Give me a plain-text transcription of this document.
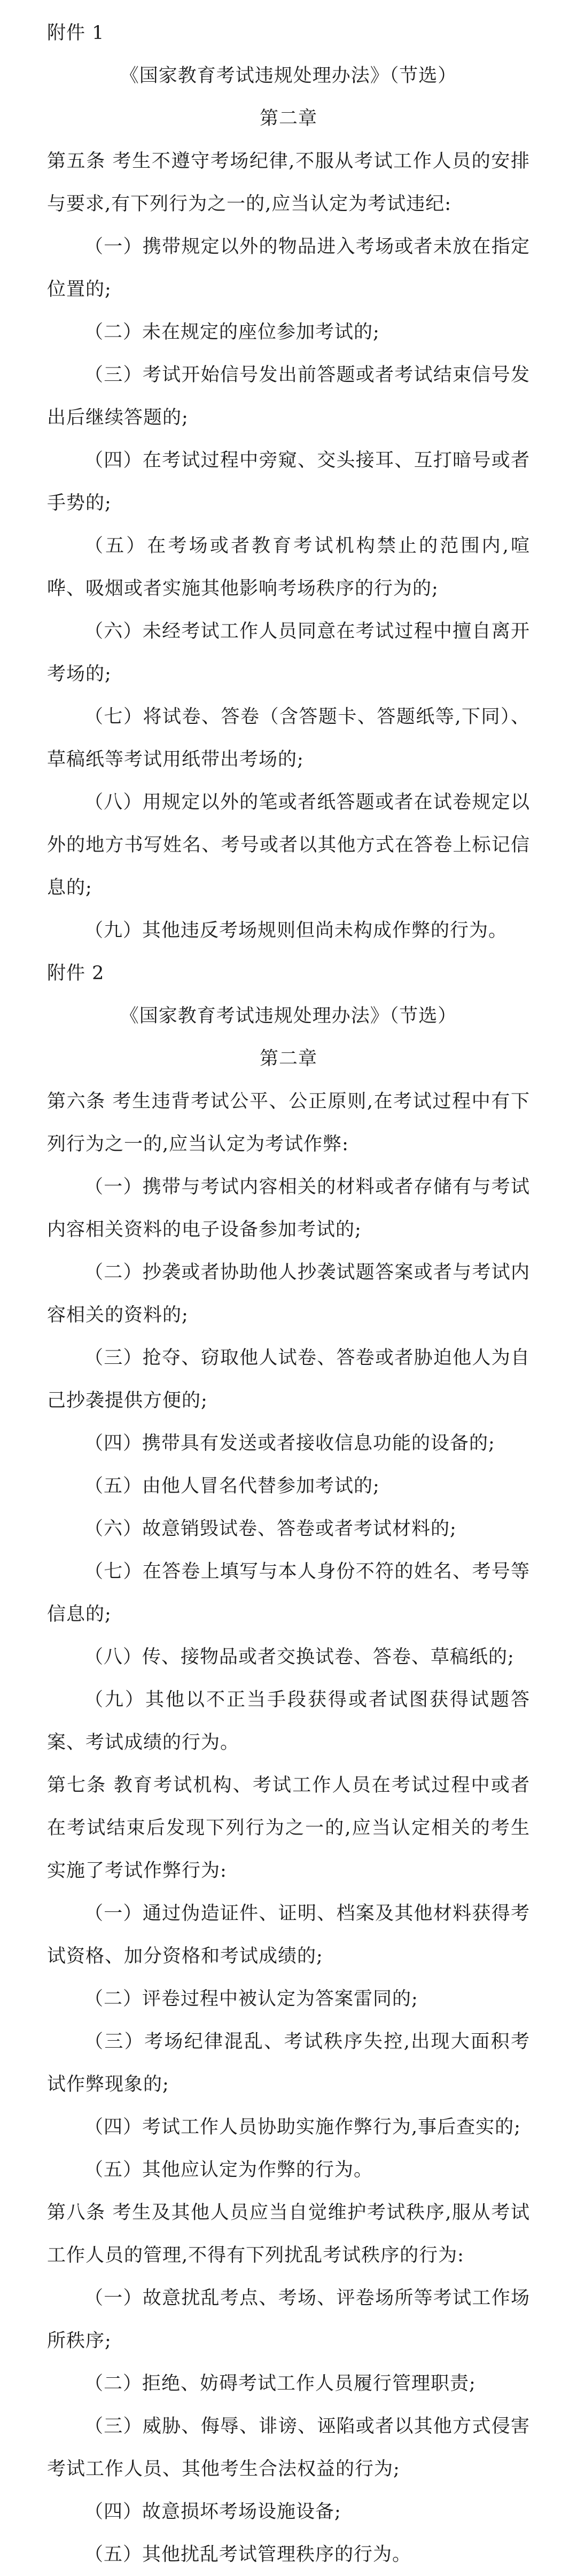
附件 1

《国家教育考试违规处理办法》（节选）

第二章

第五条 考生不遵守考场纪律,不服从考试工作人员的安排与要求,有下列行为之一的,应当认定为考试违纪:

（一）携带规定以外的物品进入考场或者未放在指定位置的;

（二）未在规定的座位参加考试的;

（三）考试开始信号发出前答题或者考试结束信号发出后继续答题的;

（四）在考试过程中旁窥、交头接耳、互打暗号或者手势的;

（五）在考场或者教育考试机构禁止的范围内,喧哗、吸烟或者实施其他影响考场秩序的行为的;

（六）未经考试工作人员同意在考试过程中擅自离开考场的;

（七）将试卷、答卷（含答题卡、答题纸等,下同）、草稿纸等考试用纸带出考场的;

（八）用规定以外的笔或者纸答题或者在试卷规定以外的地方书写姓名、考号或者以其他方式在答卷上标记信息的;

（九）其他违反考场规则但尚未构成作弊的行为。

附件 2

《国家教育考试违规处理办法》（节选）

第二章

第六条 考生违背考试公平、公正原则,在考试过程中有下列行为之一的,应当认定为考试作弊:

（一）携带与考试内容相关的材料或者存储有与考试内容相关资料的电子设备参加考试的;

（二）抄袭或者协助他人抄袭试题答案或者与考试内容相关的资料的;

（三）抢夺、窃取他人试卷、答卷或者胁迫他人为自己抄袭提供方便的;

（四）携带具有发送或者接收信息功能的设备的;

（五）由他人冒名代替参加考试的;

（六）故意销毁试卷、答卷或者考试材料的;

（七）在答卷上填写与本人身份不符的姓名、考号等信息的;

（八）传、接物品或者交换试卷、答卷、草稿纸的;

（九）其他以不正当手段获得或者试图获得试题答案、考试成绩的行为。

第七条 教育考试机构、考试工作人员在考试过程中或者在考试结束后发现下列行为之一的,应当认定相关的考生实施了考试作弊行为:

（一）通过伪造证件、证明、档案及其他材料获得考试资格、加分资格和考试成绩的;

（二）评卷过程中被认定为答案雷同的;

（三）考场纪律混乱、考试秩序失控,出现大面积考试作弊现象的;

（四）考试工作人员协助实施作弊行为,事后查实的;

（五）其他应认定为作弊的行为。

第八条 考生及其他人员应当自觉维护考试秩序,服从考试工作人员的管理,不得有下列扰乱考试秩序的行为:

（一）故意扰乱考点、考场、评卷场所等考试工作场所秩序;

（二）拒绝、妨碍考试工作人员履行管理职责;

（三）威胁、侮辱、诽谤、诬陷或者以其他方式侵害考试工作人员、其他考生合法权益的行为;

（四）故意损坏考场设施设备;

（五）其他扰乱考试管理秩序的行为。
